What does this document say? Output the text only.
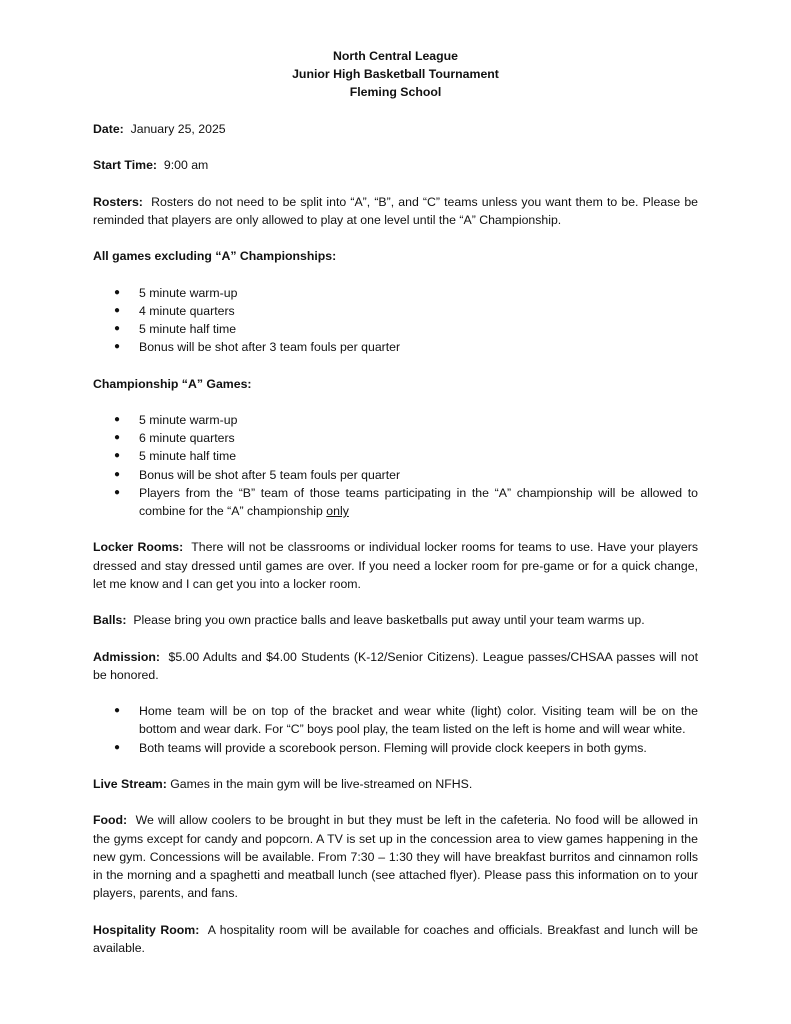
North Central League
Junior High Basketball Tournament
Fleming School

Date: January 25, 2025

Start Time: 9:00 am

Rosters: Rosters do not need to be split into “A”, “B”, and “C” teams unless you want them to be. Please be reminded that players are only allowed to play at one level until the “A” Championship.

All games excluding “A” Championships:

● 5 minute warm-up
● 4 minute quarters
● 5 minute half time
● Bonus will be shot after 3 team fouls per quarter

Championship “A” Games:

● 5 minute warm-up
● 6 minute quarters
● 5 minute half time
● Bonus will be shot after 5 team fouls per quarter
● Players from the “B” team of those teams participating in the “A” championship will be allowed to combine for the “A” championship only

Locker Rooms: There will not be classrooms or individual locker rooms for teams to use. Have your players dressed and stay dressed until games are over. If you need a locker room for pre-game or for a quick change, let me know and I can get you into a locker room.

Balls: Please bring you own practice balls and leave basketballs put away until your team warms up.

Admission: $5.00 Adults and $4.00 Students (K-12/Senior Citizens). League passes/CHSAA passes will not be honored.

● Home team will be on top of the bracket and wear white (light) color. Visiting team will be on the bottom and wear dark. For “C” boys pool play, the team listed on the left is home and will wear white.
● Both teams will provide a scorebook person. Fleming will provide clock keepers in both gyms.

Live Stream: Games in the main gym will be live-streamed on NFHS.

Food: We will allow coolers to be brought in but they must be left in the cafeteria. No food will be allowed in the gyms except for candy and popcorn. A TV is set up in the concession area to view games happening in the new gym. Concessions will be available. From 7:30 – 1:30 they will have breakfast burritos and cinnamon rolls in the morning and a spaghetti and meatball lunch (see attached flyer). Please pass this information on to your players, parents, and fans.

Hospitality Room: A hospitality room will be available for coaches and officials. Breakfast and lunch will be available.
